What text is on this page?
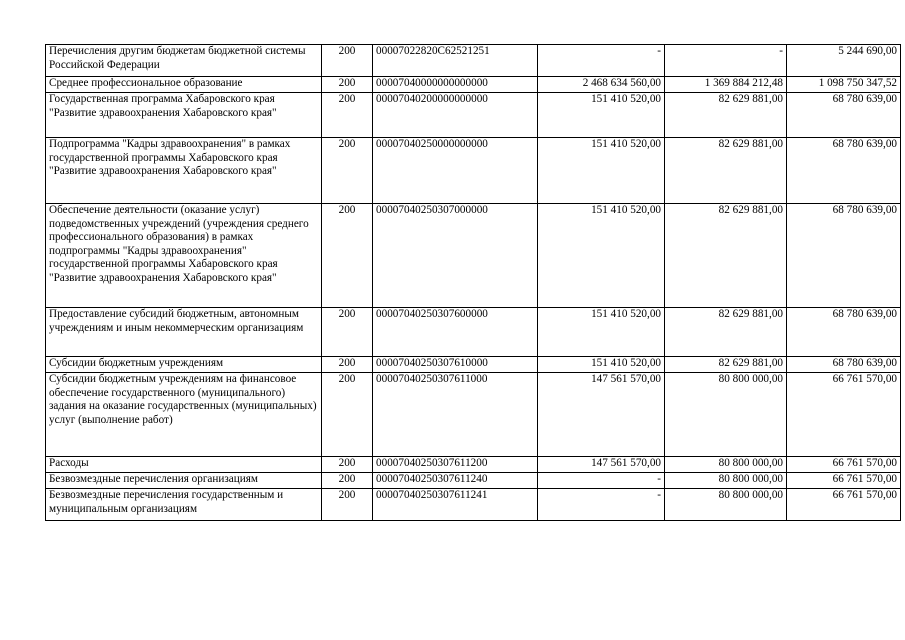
Перечисления другим бюджетам бюджетной системы Российской Федерации	200	00007022820C62521251	-	-	5 244 690,00
Среднее профессиональное образование	200	00007040000000000000	2 468 634 560,00	1 369 884 212,48	1 098 750 347,52
Государственная программа Хабаровского края "Развитие здравоохранения Хабаровского края"	200	00007040200000000000	151 410 520,00	82 629 881,00	68 780 639,00
Подпрограмма "Кадры здравоохранения" в рамках государственной программы Хабаровского края "Развитие здравоохранения Хабаровского края"	200	00007040250000000000	151 410 520,00	82 629 881,00	68 780 639,00
Обеспечение деятельности (оказание услуг) подведомственных учреждений (учреждения среднего профессионального образования) в рамках подпрограммы "Кадры здравоохранения" государственной программы Хабаровского края "Развитие здравоохранения Хабаровского края"	200	00007040250307000000	151 410 520,00	82 629 881,00	68 780 639,00
Предоставление субсидий бюджетным, автономным учреждениям и иным некоммерческим организациям	200	00007040250307600000	151 410 520,00	82 629 881,00	68 780 639,00
Субсидии бюджетным учреждениям	200	00007040250307610000	151 410 520,00	82 629 881,00	68 780 639,00
Субсидии бюджетным учреждениям на финансовое обеспечение государственного (муниципального) задания на оказание государственных (муниципальных) услуг (выполнение работ)	200	00007040250307611000	147 561 570,00	80 800 000,00	66 761 570,00
Расходы	200	00007040250307611200	147 561 570,00	80 800 000,00	66 761 570,00
Безвозмездные перечисления организациям	200	00007040250307611240	-	80 800 000,00	66 761 570,00
Безвозмездные перечисления государственным и муниципальным организациям	200	00007040250307611241	-	80 800 000,00	66 761 570,00
